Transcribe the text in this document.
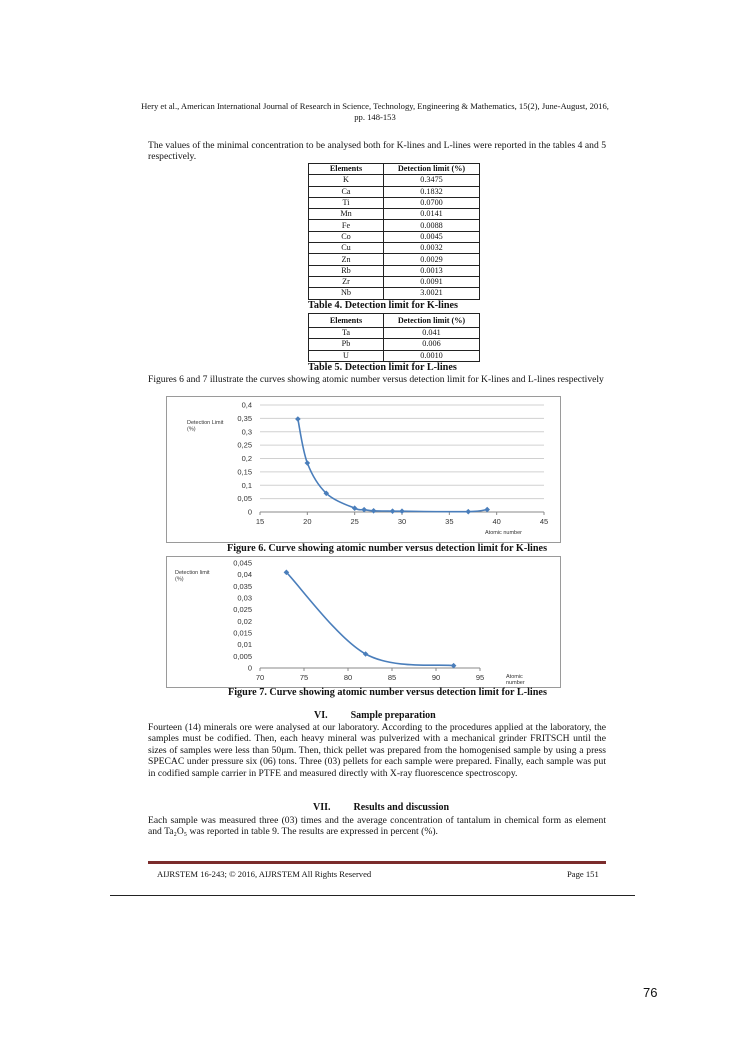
Hery et al., American International Journal of Research in Science, Technology, Engineering & Mathematics, 15(2), June-August, 2016,
pp. 148-153

The values of the minimal concentration to be analysed both for K-lines and L-lines were reported in the tables 4 and 5 respectively.

Elements	Detection limit (%)
K	0.3475
Ca	0.1832
Ti	0.0700
Mn	0.0141
Fe	0.0088
Co	0.0045
Cu	0.0032
Zn	0.0029
Rb	0.0013
Zr	0.0091
Nb	3.0021
Table 4. Detection limit for K-lines
Elements	Detection limit (%)
Ta	0.041
Pb	0.006
U	0.0010
Table 5. Detection limit for L-lines

Figures 6 and 7 illustrate the curves showing atomic number versus detection limit for K-lines and L-lines respectively

0
0,05
0,1
0,15
0,2
0,25
0,3
0,35
0,4
15	20	25	30	35	40	45
Detection Limit (%)
Atomic number
Figure 6. Curve showing atomic number versus detection limit for K-lines
0
0,005
0,01
0,015
0,02
0,025
0,03
0,035
0,04
0,045
70	75	80	85	90	95
Detection limit (%)
Atomic number
Figure 7. Curve showing atomic number versus detection limit for L-lines
VI. Sample preparation

Fourteen (14) minerals ore were analysed at our laboratory. According to the procedures applied at the laboratory, the samples must be codified. Then, each heavy mineral was pulverized with a mechanical grinder FRITSCH until the sizes of samples were less than 50μm. Then, thick pellet was prepared from the homogenised sample by using a press SPECAC under pressure six (06) tons. Three (03) pellets for each sample were prepared. Finally, each sample was put in codified sample carrier in PTFE and measured directly with X-ray fluorescence spectroscopy.

VII. Results and discussion

Each sample was measured three (03) times and the average concentration of tantalum in chemical form as element and Ta₂O₅ was reported in table 9. The results are expressed in percent (%).

AIJRSTEM 16-243; © 2016, AIJRSTEM All Rights Reserved	Page 151
76
